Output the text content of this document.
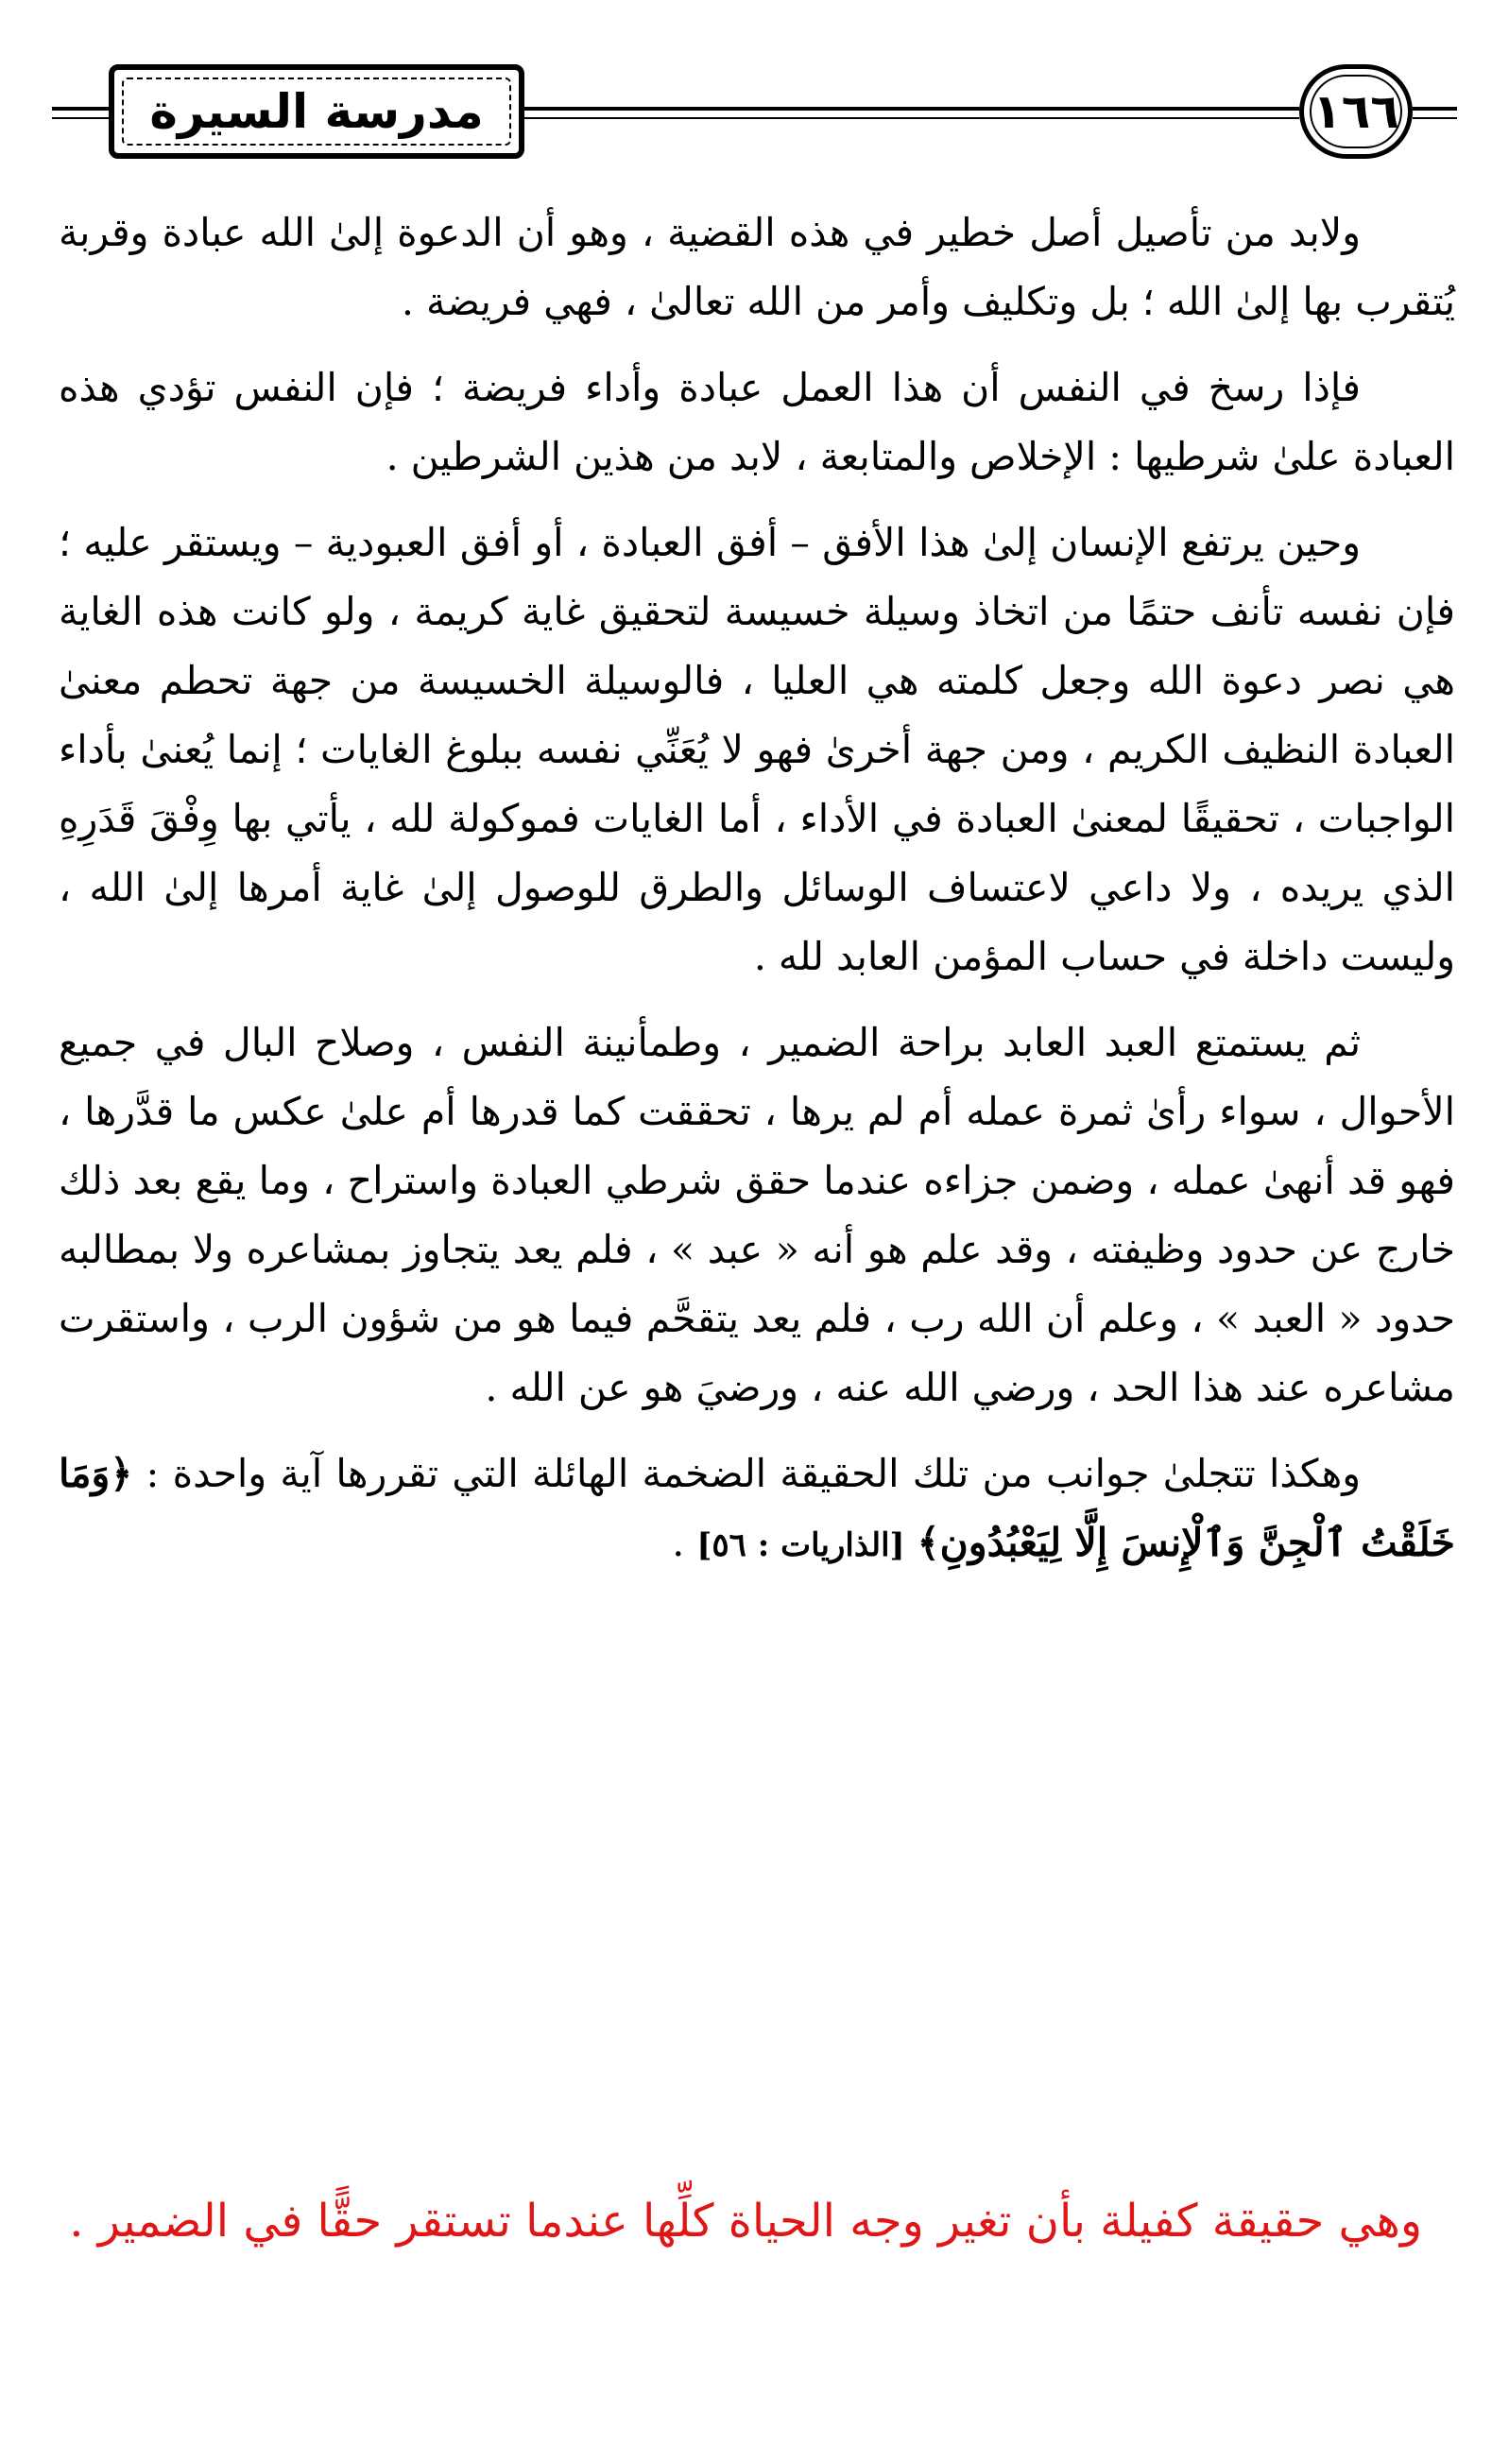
مدرسة السيرة	١٦٦

ولابد من تأصيل أصل خطير في هذه القضية ، وهو أن الدعوة إلىٰ الله عبادة وقربة يُتقرب بها إلىٰ الله ؛ بل وتكليف وأمر من الله تعالىٰ ، فهي فريضة .

فإذا رسخ في النفس أن هذا العمل عبادة وأداء فريضة ؛ فإن النفس تؤدي هذه العبادة علىٰ شرطيها : الإخلاص والمتابعة ، لابد من هذين الشرطين .

وحين يرتفع الإنسان إلىٰ هذا الأفق – أفق العبادة ، أو أفق العبودية – ويستقر عليه ؛ فإن نفسه تأنف حتمًا من اتخاذ وسيلة خسيسة لتحقيق غاية كريمة ، ولو كانت هذه الغاية هي نصر دعوة الله وجعل كلمته هي العليا ، فالوسيلة الخسيسة من جهة تحطم معنىٰ العبادة النظيف الكريم ، ومن جهة أخرىٰ فهو لا يُعَنِّي نفسه ببلوغ الغايات ؛ إنما يُعنىٰ بأداء الواجبات ، تحقيقًا لمعنىٰ العبادة في الأداء ، أما الغايات فموكولة لله ، يأتي بها وِفْقَ قَدَرِهِ الذي يريده ، ولا داعي لاعتساف الوسائل والطرق للوصول إلىٰ غاية أمرها إلىٰ الله ، وليست داخلة في حساب المؤمن العابد لله .

ثم يستمتع العبد العابد براحة الضمير ، وطمأنينة النفس ، وصلاح البال في جميع الأحوال ، سواء رأىٰ ثمرة عمله أم لم يرها ، تحققت كما قدرها أم علىٰ عكس ما قدَّرها ، فهو قد أنهىٰ عمله ، وضمن جزاءه عندما حقق شرطي العبادة واستراح ، وما يقع بعد ذلك خارج عن حدود وظيفته ، وقد علم هو أنه « عبد » ، فلم يعد يتجاوز بمشاعره ولا بمطالبه حدود « العبد » ، وعلم أن الله رب ، فلم يعد يتقحَّم فيما هو من شؤون الرب ، واستقرت مشاعره عند هذا الحد ، ورضي الله عنه ، ورضيَ هو عن الله .

وهكذا تتجلىٰ جوانب من تلك الحقيقة الضخمة الهائلة التي تقررها آية واحدة : ﴿وَمَا خَلَقْتُ ٱلْجِنَّ وَٱلْإِنسَ إِلَّا لِيَعْبُدُونِ﴾ [الذاريات : ٥٦] .

وهي حقيقة كفيلة بأن تغير وجه الحياة كلِّها عندما تستقر حقًّا في الضمير .
